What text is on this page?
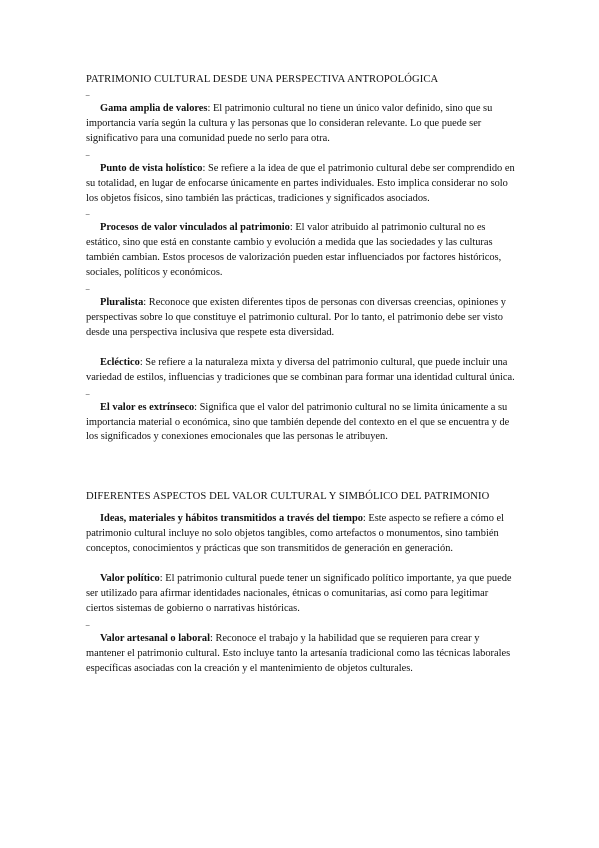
PATRIMONIO CULTURAL DESDE UNA PERSPECTIVA ANTROPOLÓGICA
‾

Gama amplia de valores: El patrimonio cultural no tiene un único valor definido, sino que su importancia varía según la cultura y las personas que lo consideran relevante. Lo que puede ser significativo para una comunidad puede no serlo para otra.

‾

Punto de vista holístico: Se refiere a la idea de que el patrimonio cultural debe ser comprendido en su totalidad, en lugar de enfocarse únicamente en partes individuales. Esto implica considerar no solo los objetos físicos, sino también las prácticas, tradiciones y significados asociados.

‾

Procesos de valor vinculados al patrimonio: El valor atribuido al patrimonio cultural no es estático, sino que está en constante cambio y evolución a medida que las sociedades y las culturas también cambian. Estos procesos de valorización pueden estar influenciados por factores históricos, sociales, políticos y económicos.

‾

Pluralista: Reconoce que existen diferentes tipos de personas con diversas creencias, opiniones y perspectivas sobre lo que constituye el patrimonio cultural. Por lo tanto, el patrimonio debe ser visto desde una perspectiva inclusiva que respete esta diversidad.

Ecléctico: Se refiere a la naturaleza mixta y diversa del patrimonio cultural, que puede incluir una variedad de estilos, influencias y tradiciones que se combinan para formar una identidad cultural única.

‾

El valor es extrínseco: Significa que el valor del patrimonio cultural no se limita únicamente a su importancia material o económica, sino que también depende del contexto en el que se encuentra y de los significados y conexiones emocionales que las personas le atribuyen.

DIFERENTES ASPECTOS DEL VALOR CULTURAL Y SIMBÓLICO DEL PATRIMONIO

Ideas, materiales y hábitos transmitidos a través del tiempo: Este aspecto se refiere a cómo el patrimonio cultural incluye no solo objetos tangibles, como artefactos o monumentos, sino también conceptos, conocimientos y prácticas que son transmitidos de generación en generación.

Valor político: El patrimonio cultural puede tener un significado político importante, ya que puede ser utilizado para afirmar identidades nacionales, étnicas o comunitarias, así como para legitimar ciertos sistemas de gobierno o narrativas históricas.

‾

Valor artesanal o laboral: Reconoce el trabajo y la habilidad que se requieren para crear y mantener el patrimonio cultural. Esto incluye tanto la artesanía tradicional como las técnicas laborales específicas asociadas con la creación y el mantenimiento de objetos culturales.
